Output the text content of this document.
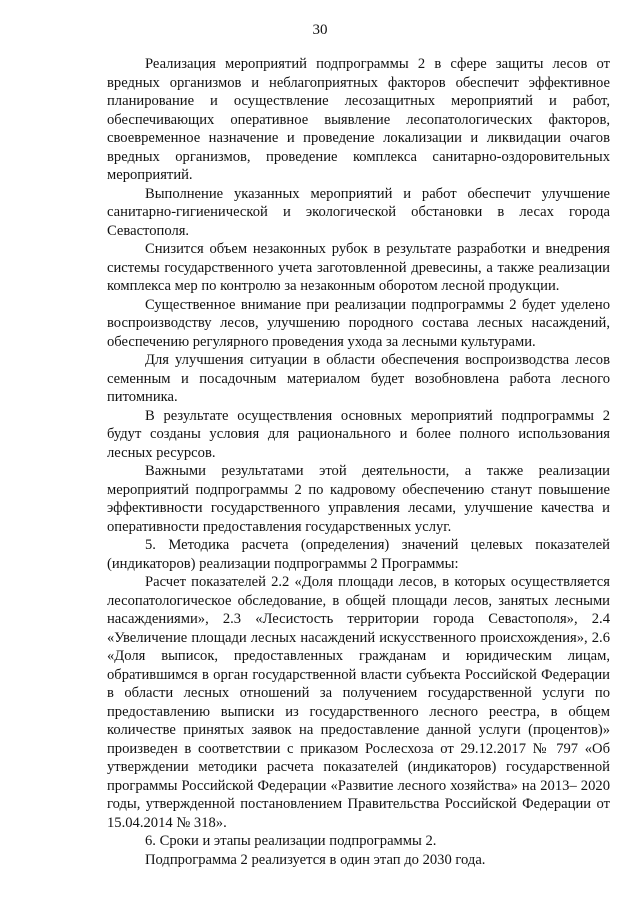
30

Реализация мероприятий подпрограммы 2 в сфере защиты лесов от вредных организмов и неблагоприятных факторов обеспечит эффективное планирование и осуществление лесозащитных мероприятий и работ, обеспечивающих оперативное выявление лесопатологических факторов, своевременное назначение и проведение локализации и ликвидации очагов вредных организмов, проведение комплекса санитарно-оздоровительных мероприятий.

Выполнение указанных мероприятий и работ обеспечит улучшение санитарно-гигиенической и экологической обстановки в лесах города Севастополя.

Снизится объем незаконных рубок в результате разработки и внедрения системы государственного учета заготовленной древесины, а также реализации комплекса мер по контролю за незаконным оборотом лесной продукции.

Существенное внимание при реализации подпрограммы 2 будет уделено воспроизводству лесов, улучшению породного состава лесных насаждений, обеспечению регулярного проведения ухода за лесными культурами.

Для улучшения ситуации в области обеспечения воспроизводства лесов семенным и посадочным материалом будет возобновлена работа лесного питомника.

В результате осуществления основных мероприятий подпрограммы 2 будут созданы условия для рационального и более полного использования лесных ресурсов.

Важными результатами этой деятельности, а также реализации мероприятий подпрограммы 2 по кадровому обеспечению станут повышение эффективности государственного управления лесами, улучшение качества и оперативности предоставления государственных услуг.

5. Методика расчета (определения) значений целевых показателей (индикаторов) реализации подпрограммы 2 Программы:

Расчет показателей 2.2 «Доля площади лесов, в которых осуществляется лесопатологическое обследование, в общей площади лесов, занятых лесными насаждениями», 2.3 «Лесистость территории города Севастополя», 2.4 «Увеличение площади лесных насаждений искусственного происхождения», 2.6 «Доля выписок, предоставленных гражданам и юридическим лицам, обратившимся в орган государственной власти субъекта Российской Федерации в области лесных отношений за получением государственной услуги по предоставлению выписки из государственного лесного реестра, в общем количестве принятых заявок на предоставление данной услуги (процентов)» произведен в соответствии с приказом Рослесхоза от 29.12.2017 № 797 «Об утверждении методики расчета показателей (индикаторов) государственной программы Российской Федерации «Развитие лесного хозяйства» на 2013– 2020 годы, утвержденной постановлением Правительства Российской Федерации от 15.04.2014 № 318».

6. Сроки и этапы реализации подпрограммы 2.

Подпрограмма 2 реализуется в один этап до 2030 года.
